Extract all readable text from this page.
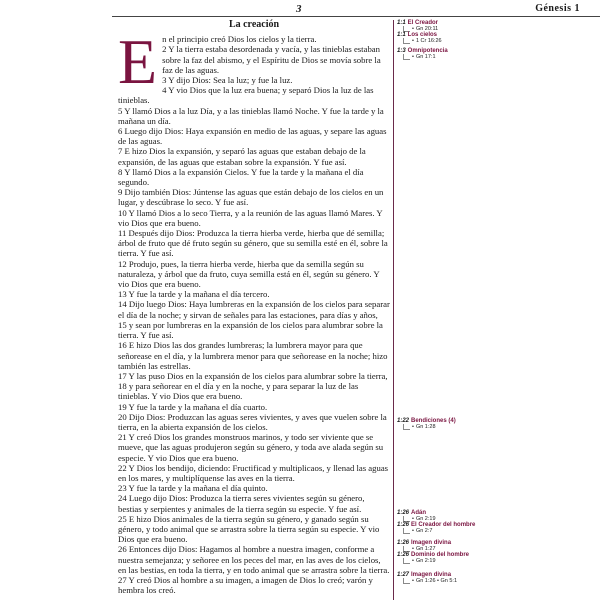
3	Génesis 1
La creación
E n el principio creó Dios los cielos y la tierra.

2 Y la tierra estaba desordenada y vacía, y las tinieblas estaban sobre la faz del abismo, y el Espíritu de Dios se movía sobre la faz de las aguas.

3 Y dijo Dios: Sea la luz; y fue la luz.

4 Y vio Dios que la luz era buena; y separó Dios la luz de las tinieblas.

5 Y llamó Dios a la luz Día, y a las tinieblas llamó Noche. Y fue la tarde y la mañana un día.

6 Luego dijo Dios: Haya expansión en medio de las aguas, y separe las aguas de las aguas.

7 E hizo Dios la expansión, y separó las aguas que estaban debajo de la expansión, de las aguas que estaban sobre la expansión. Y fue así.

8 Y llamó Dios a la expansión Cielos. Y fue la tarde y la mañana el día segundo.

9 Dijo también Dios: Júntense las aguas que están debajo de los cielos en un lugar, y descúbrase lo seco. Y fue así.

10 Y llamó Dios a lo seco Tierra, y a la reunión de las aguas llamó Mares. Y vio Dios que era bueno.

11 Después dijo Dios: Produzca la tierra hierba verde, hierba que dé semilla; árbol de fruto que dé fruto según su género, que su semilla esté en él, sobre la tierra. Y fue así.

12 Produjo, pues, la tierra hierba verde, hierba que da semilla según su naturaleza, y árbol que da fruto, cuya semilla está en él, según su género. Y vio Dios que era bueno.

13 Y fue la tarde y la mañana el día tercero.

14 Dijo luego Dios: Haya lumbreras en la expansión de los cielos para separar el día de la noche; y sirvan de señales para las estaciones, para días y años,

15 y sean por lumbreras en la expansión de los cielos para alumbrar sobre la tierra. Y fue así.

16 E hizo Dios las dos grandes lumbreras; la lumbrera mayor para que señorease en el día, y la lumbrera menor para que señorease en la noche; hizo también las estrellas.

17 Y las puso Dios en la expansión de los cielos para alumbrar sobre la tierra,

18 y para señorear en el día y en la noche, y para separar la luz de las tinieblas. Y vio Dios que era bueno.

19 Y fue la tarde y la mañana el día cuarto.

20 Dijo Dios: Produzcan las aguas seres vivientes, y aves que vuelen sobre la tierra, en la abierta expansión de los cielos.

21 Y creó Dios los grandes monstruos marinos, y todo ser viviente que se mueve, que las aguas produjeron según su género, y toda ave alada según su especie. Y vio Dios que era bueno.

22 Y Dios los bendijo, diciendo: Fructificad y multiplicaos, y llenad las aguas en los mares, y multiplíquense las aves en la tierra.

23 Y fue la tarde y la mañana el día quinto.

24 Luego dijo Dios: Produzca la tierra seres vivientes según su género, bestias y serpientes y animales de la tierra según su especie. Y fue así.

25 E hizo Dios animales de la tierra según su género, y ganado según su género, y todo animal que se arrastra sobre la tierra según su especie. Y vio Dios que era bueno.

26 Entonces dijo Dios: Hagamos al hombre a nuestra imagen, conforme a nuestra semejanza; y señoree en los peces del mar, en las aves de los cielos, en las bestias, en toda la tierra, y en todo animal que se arrastra sobre la tierra.

27 Y creó Dios al hombre a su imagen, a imagen de Dios lo creó; varón y hembra los creó.

1:1 El Creador
• Gn 20:11
1:1 Los cielos
• 1 Cr 16:26
1:3 Omnipotencia
• Gn 17:1
1:22 Bendiciones (4)
• Gn 1:28
1:26 Adán
• Gn 2:19
1:26 El Creador del hombre
• Gn 2:7
1:26 Imagen divina
• Gn 1:27
1:26 Dominio del hombre
• Gn 2:19
1:27 Imagen divina
• Gn 1:26 • Gn 5:1
